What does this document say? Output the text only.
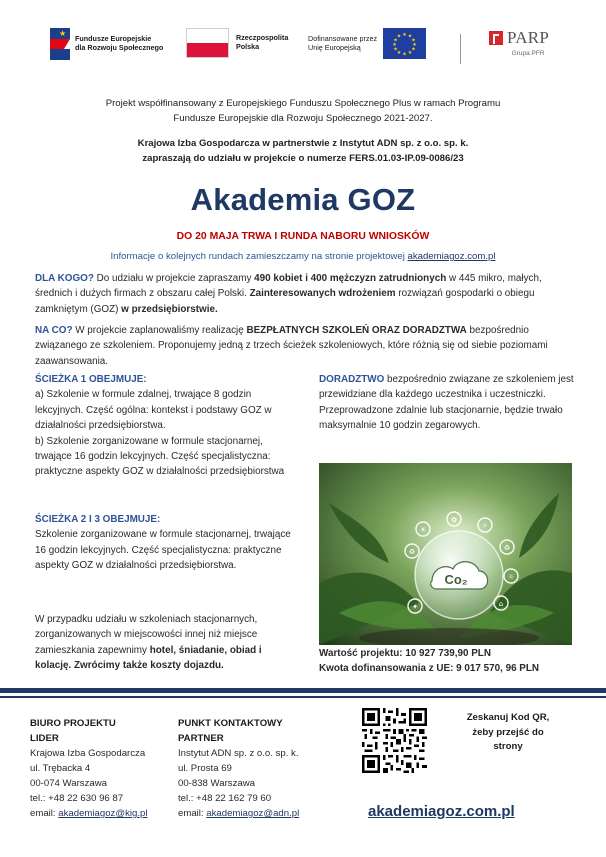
★
Fundusze Europejskie
dla Rozwoju Społecznego
Rzeczpospolita
Polska
Dofinansowane przez
Unię Europejską
★ ★
★
★
★
★
★
★
★
★
★
★	PARP
Grupa PFR
Projekt współfinansowany z Europejskiego Funduszu Społecznego Plus w ramach Programu
Fundusze Europejskie dla Rozwoju Społecznego 2021-2027.
Krajowa Izba Gospodarcza w partnerstwie z Instytut ADN sp. z o.o. sp. k.
zapraszają do udziału w projekcie o numerze FERS.01.03-IP.09-0086/23
Akademia GOZ
DO 20 MAJA TRWA I RUNDA NABORU WNIOSKÓW
Informacje o kolejnych rundach zamieszczamy na stronie projektowej akademiagoz.com.pl
DLA KOGO? Do udziału w projekcie zapraszamy 490 kobiet i 400 mężczyzn zatrudnionych w 445 mikro, małych, średnich i dużych firmach z obszaru całej Polski. Zainteresowanych wdrożeniem rozwiązań gospodarki o obiegu zamkniętym (GOZ) w przedsiębiorstwie.
NA CO? W projekcie zaplanowaliśmy realizację BEZPŁATNYCH SZKOLEŃ ORAZ DORADZTWA bezpośrednio związanego ze szkoleniem. Proponujemy jedną z trzech ścieżek szkoleniowych, które różnią się od siebie poziomami zaawansowania.
ŚCIEŻKA 1 OBEJMUJE:
a) Szkolenie w formule zdalnej, trwające 8 godzin lekcyjnych. Część ogólna: kontekst i podstawy GOZ w działalności przedsiębiorstwa.
b) Szkolenie zorganizowane w formule stacjonarnej, trwające 16 godzin lekcyjnych. Część specjalistyczna: praktyczne aspekty GOZ w działalności przedsiębiorstwa
ŚCIEŻKA 2 I 3 OBEJMUJE:
Szkolenie zorganizowane w formule stacjonarnej, trwające 16 godzin lekcyjnych. Część specjalistyczna: praktyczne aspekty GOZ w działalności przedsiębiorstwa.
W przypadku udziału w szkoleniach stacjonarnych, zorganizowanych w miejscowości innej niż miejsce zamieszkania zapewnimy hotel, śniadanie, obiad i kolację. Zwrócimy także koszty dojazdu.
DORADZTWO bezpośrednio związane ze szkoleniem jest przewidziane dla każdego uczestnika i uczestniczki. Przeprowadzone zdalnie lub stacjonarnie, będzie trwało maksymalnie 10 godzin zegarowych.
Co₂
♻
☀
✿
⚡
♻
☼
⌂
✦
Wartość projektu: 10 927 739,90 PLN
Kwota dofinansowania z UE: 9 017 570, 96 PLN
BIURO PROJEKTU
LIDER
Krajowa Izba Gospodarcza
ul. Trębacka 4
00-074 Warszawa
tel.: +48 22 630 96 87
email: akademiagoz@kig.pl
PUNKT KONTAKTOWY
PARTNER
Instytut ADN sp. z o.o. sp. k.
ul. Prosta 69
00-838 Warszawa
tel.: +48 22 162 79 60
email: akademiagoz@adn.pl
Zeskanuj Kod QR,
żeby przejść do
strony
akademiagoz.com.pl
